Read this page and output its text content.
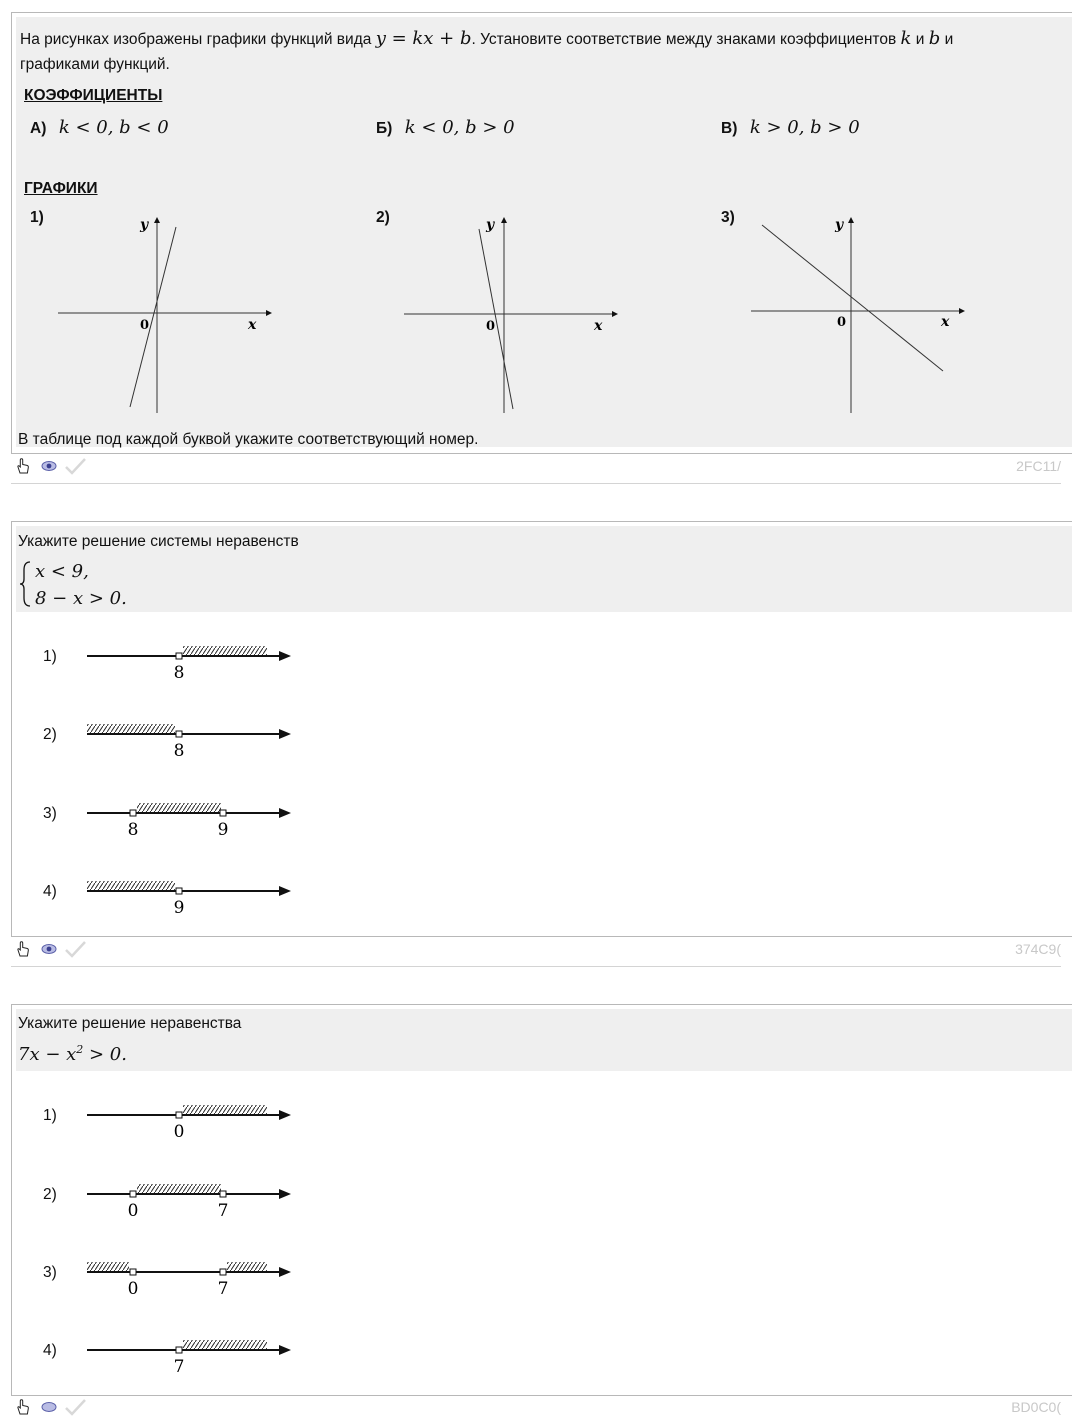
На рисунках изображены графики функций вида y = kx + b. Установите соответствие между знаками коэффициентов k и b и
графиками функций.
КОЭФФИЦИЕНТЫ
А) k < 0, b < 0	Б) k < 0, b > 0	В) k > 0, b > 0
ГРАФИКИ
1)	2)	3)
y
x
0
y
x
0
y
x
0
В таблице под каждой буквой укажите соответствующий номер.
2FC11/
Укажите решение системы неравенств
x < 9,
8 − x > 0.
1)
8
2)
8
3)
8	9
4)
9
374C9(
Укажите решение неравенства
$7x - x^2 > 0$.
1)
0
2)
0	7
3)
0	7
4)
7
BD0C0(
